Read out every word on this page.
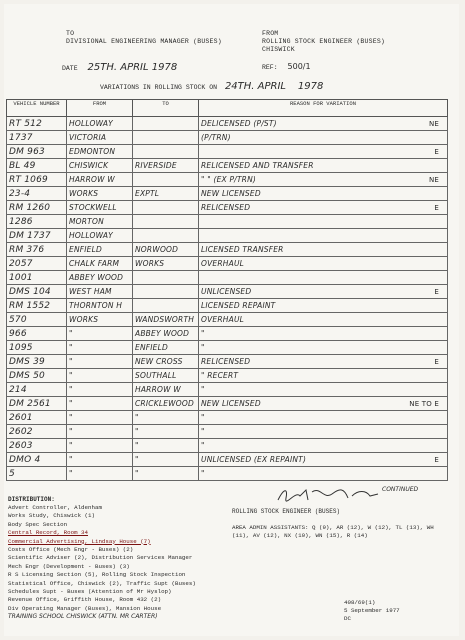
TO
DIVISIONAL ENGINEERING MANAGER (BUSES)
FROM
ROLLING STOCK ENGINEER (BUSES)
CHISWICK
DATE 25TH. APRIL 1978	REF: 500/1
VARIATIONS IN ROLLING STOCK ON 24TH. APRIL 1978
VEHICLE NUMBER	FROM	TO	REASON FOR VARIATION
RT 512	HOLLOWAY		DELICENSED (P/ST) NE

1737	VICTORIA		(P/TRN)

DM 963	EDMONTON		E

BL 49	CHISWICK	RIVERSIDE	RELICENSED AND TRANSFER

RT 1069	HARROW W		" " (EX P/TRN) NE

23-4	WORKS	EXPTL	NEW LICENSED

RM 1260	STOCKWELL		RELICENSED E

1286	MORTON		

DM 1737	HOLLOWAY		

RM 376	ENFIELD	NORWOOD	LICENSED TRANSFER

2057	CHALK FARM	WORKS	OVERHAUL

1001	ABBEY WOOD		

DMS 104	WEST HAM		UNLICENSED E

RM 1552	THORNTON H		LICENSED REPAINT

570	WORKS	WANDSWORTH	OVERHAUL

966	"	ABBEY WOOD	"

1095	"	ENFIELD	"

DMS 39	"	NEW CROSS	RELICENSED E

DMS 50	"	SOUTHALL	" RECERT

214	"	HARROW W	"

DM 2561	"	CRICKLEWOOD	NEW LICENSED NE TO E

2601	"	"	"

2602	"	"	"

2603	"	"	"

DMO 4	"	"	UNLICENSED (EX REPAINT) E

5	"	"	"
CONTINUED
DISTRIBUTION:
Advert Controller, Aldenham
Works Study, Chiswick (1)
Body Spec Section
Central Record, Room 34
Commercial Advertising, Lindsay House (7)
Costs Office (Mech Engr - Buses) (2)
Scientific Adviser (2), Distribution Services Manager
Mech Engr (Development - Buses) (3)
R S Licensing Section (5), Rolling Stock Inspection
Statistical Office, Chiswick (2), Traffic Supt (Buses)
Schedules Supt - Buses (Attention of Mr Hyslop)
Revenue Office, Griffith House, Room 432 (2)
Div Operating Manager (Buses), Mansion House
TRAINING SCHOOL CHISWICK (ATTN. MR CARTER)
ROLLING STOCK ENGINEER (BUSES)
AREA ADMIN ASSISTANTS: Q (9), AR (12), W (12), TL (13), WH (11), AV (12), NX (10), WN (15), R (14)
408/69(1)
5 September 1977
DC
